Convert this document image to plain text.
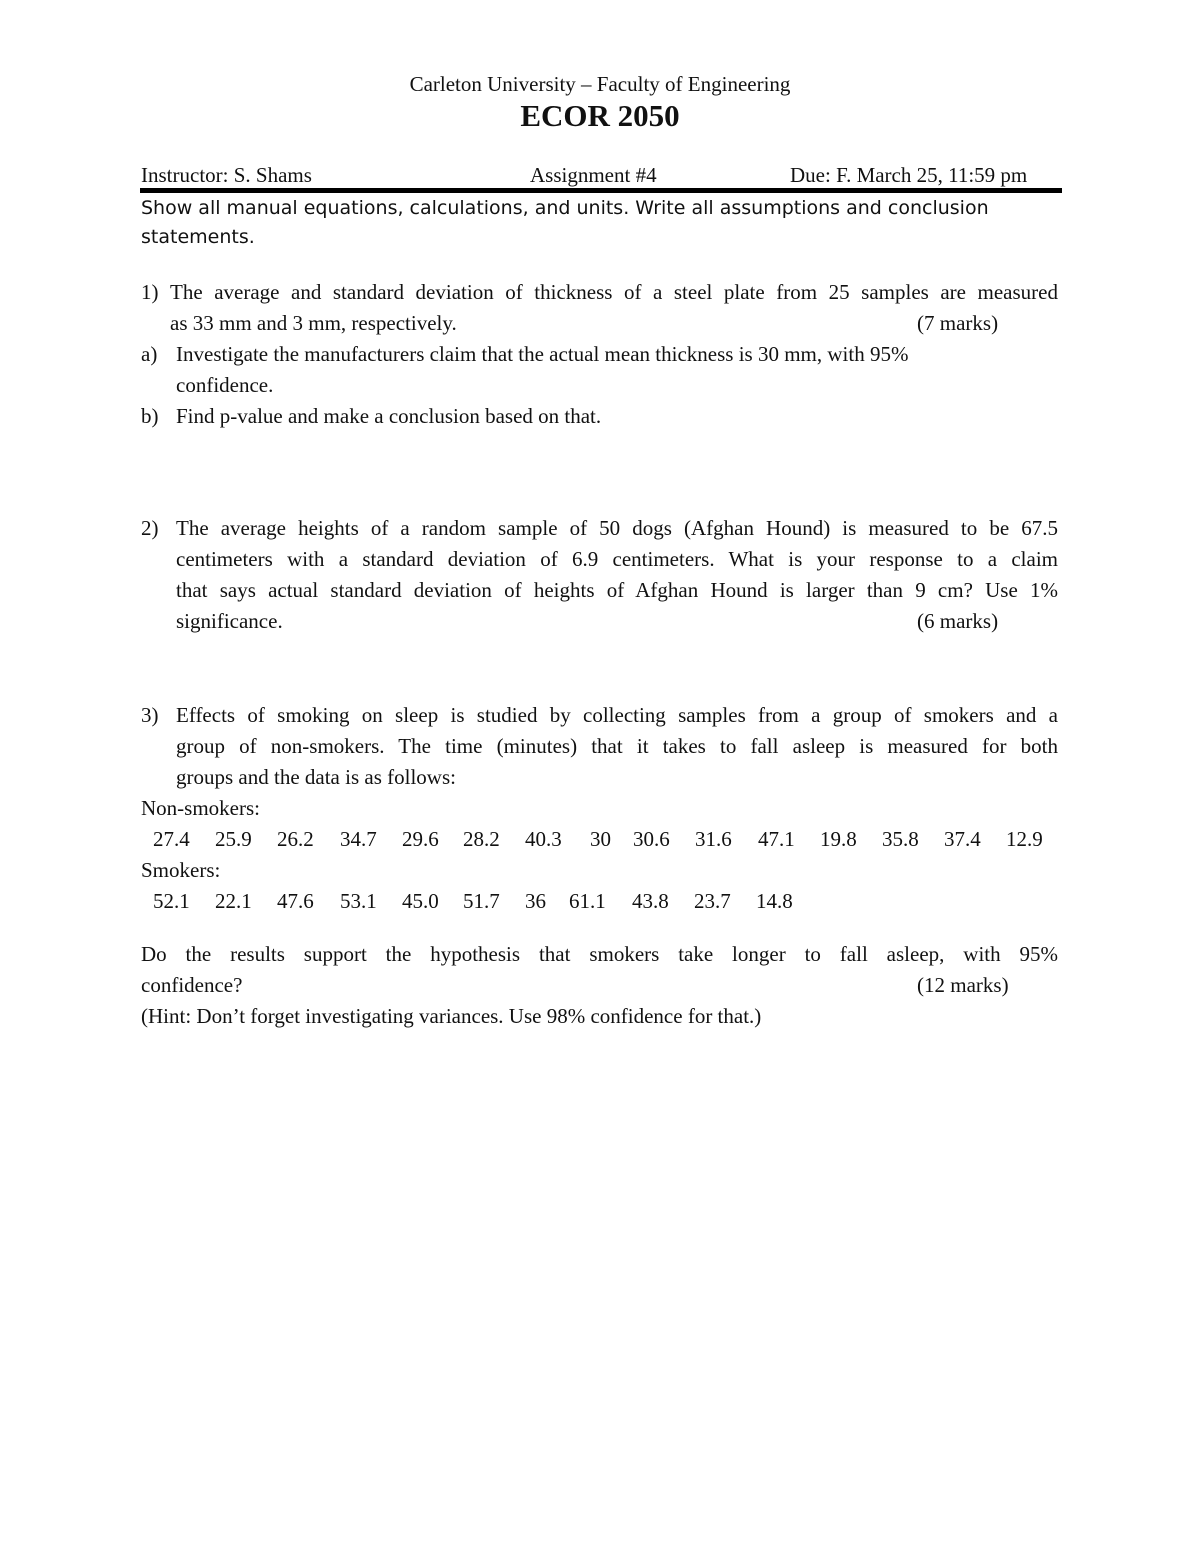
Carleton University – Faculty of Engineering
ECOR 2050
Instructor: S. Shams	Assignment #4	Due: F. March 25, 11:59 pm
Show all manual equations, calculations, and units. Write all assumptions and conclusion
statements.
1) The average and standard deviation of thickness of a steel plate from 25 samples are measured
as 33 mm and 3 mm, respectively.	(7 marks)
a) Investigate the manufacturers claim that the actual mean thickness is 30 mm, with 95%
confidence.
b) Find p-value and make a conclusion based on that.
2) The average heights of a random sample of 50 dogs (Afghan Hound) is measured to be 67.5
centimeters with a standard deviation of 6.9 centimeters. What is your response to a claim
that says actual standard deviation of heights of Afghan Hound is larger than 9 cm? Use 1%
significance.	(6 marks)
3) Effects of smoking on sleep is studied by collecting samples from a group of smokers and a
group of non-smokers. The time (minutes) that it takes to fall asleep is measured for both
groups and the data is as follows:
Non-smokers:
27.4 25.9 26.2 34.7 29.6 28.2 40.3 30 30.6 31.6 47.1 19.8 35.8 37.4 12.9
Smokers:
52.1 22.1 47.6 53.1 45.0 51.7 36 61.1 43.8 23.7 14.8
Do the results support the hypothesis that smokers take longer to fall asleep, with 95%
confidence?	(12 marks)
(Hint: Don’t forget investigating variances. Use 98% confidence for that.)
